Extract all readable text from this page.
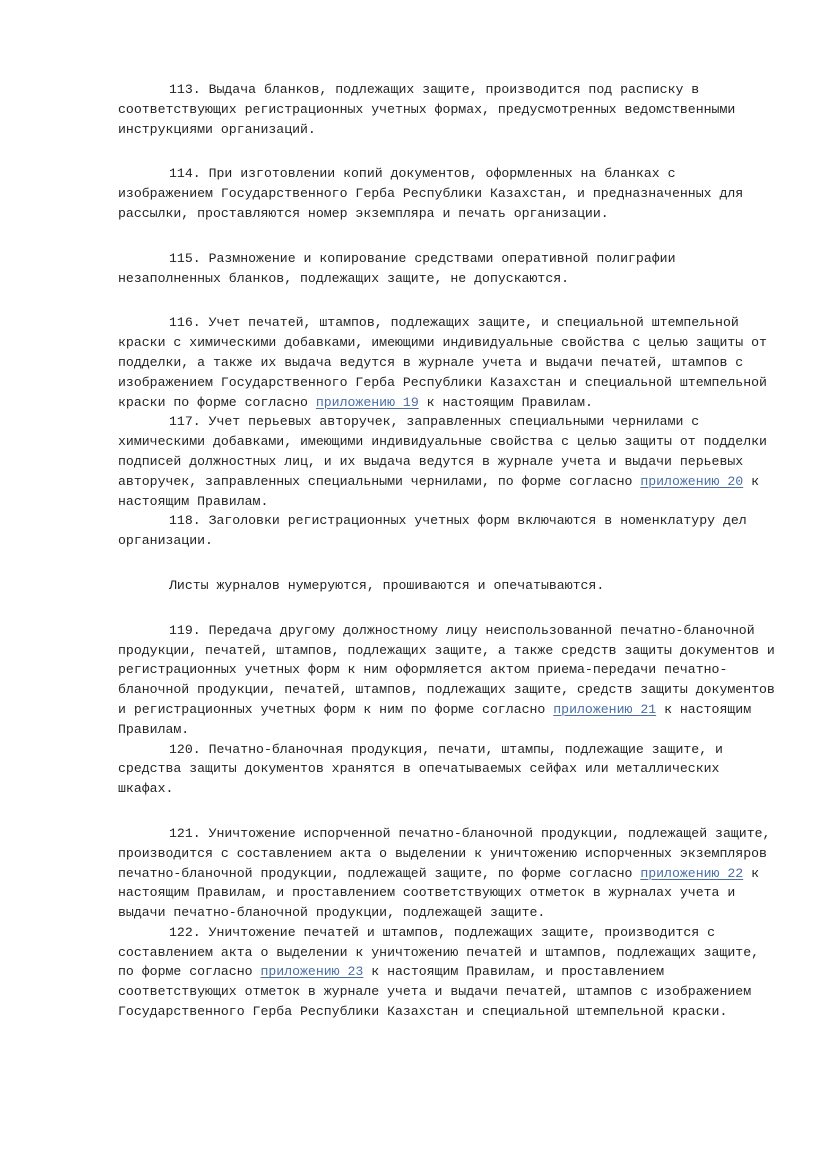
113. Выдача бланков, подлежащих защите, производится под расписку в соответствующих регистрационных учетных формах, предусмотренных ведомственными инструкциями организаций.

114. При изготовлении копий документов, оформленных на бланках с изображением Государственного Герба Республики Казахстан, и предназначенных для рассылки, проставляются номер экземпляра и печать организации.

115. Размножение и копирование средствами оперативной полиграфии незаполненных бланков, подлежащих защите, не допускаются.

116. Учет печатей, штампов, подлежащих защите, и специальной штемпельной краски с химическими добавками, имеющими индивидуальные свойства с целью защиты от подделки, а также их выдача ведутся в журнале учета и выдачи печатей, штампов с изображением Государственного Герба Республики Казахстан и специальной штемпельной краски по форме согласно приложению 19 к настоящим Правилам.

117. Учет перьевых авторучек, заправленных специальными чернилами с химическими добавками, имеющими индивидуальные свойства с целью защиты от подделки подписей должностных лиц, и их выдача ведутся в журнале учета и выдачи перьевых авторучек, заправленных специальными чернилами, по форме согласно приложению 20 к настоящим Правилам.

118. Заголовки регистрационных учетных форм включаются в номенклатуру дел организации.

Листы журналов нумеруются, прошиваются и опечатываются.

119. Передача другому должностному лицу неиспользованной печатно-бланочной продукции, печатей, штампов, подлежащих защите, а также средств защиты документов и регистрационных учетных форм к ним оформляется актом приема-передачи печатно-бланочной продукции, печатей, штампов, подлежащих защите, средств защиты документов и регистрационных учетных форм к ним по форме согласно приложению 21 к настоящим Правилам.

120. Печатно-бланочная продукция, печати, штампы, подлежащие защите, и средства защиты документов хранятся в опечатываемых сейфах или металлических шкафах.

121. Уничтожение испорченной печатно-бланочной продукции, подлежащей защите, производится с составлением акта о выделении к уничтожению испорченных экземпляров печатно-бланочной продукции, подлежащей защите, по форме согласно приложению 22 к настоящим Правилам, и проставлением соответствующих отметок в журналах учета и выдачи печатно-бланочной продукции, подлежащей защите.

122. Уничтожение печатей и штампов, подлежащих защите, производится с составлением акта о выделении к уничтожению печатей и штампов, подлежащих защите, по форме согласно приложению 23 к настоящим Правилам, и проставлением соответствующих отметок в журнале учета и выдачи печатей, штампов с изображением Государственного Герба Республики Казахстан и специальной штемпельной краски.
